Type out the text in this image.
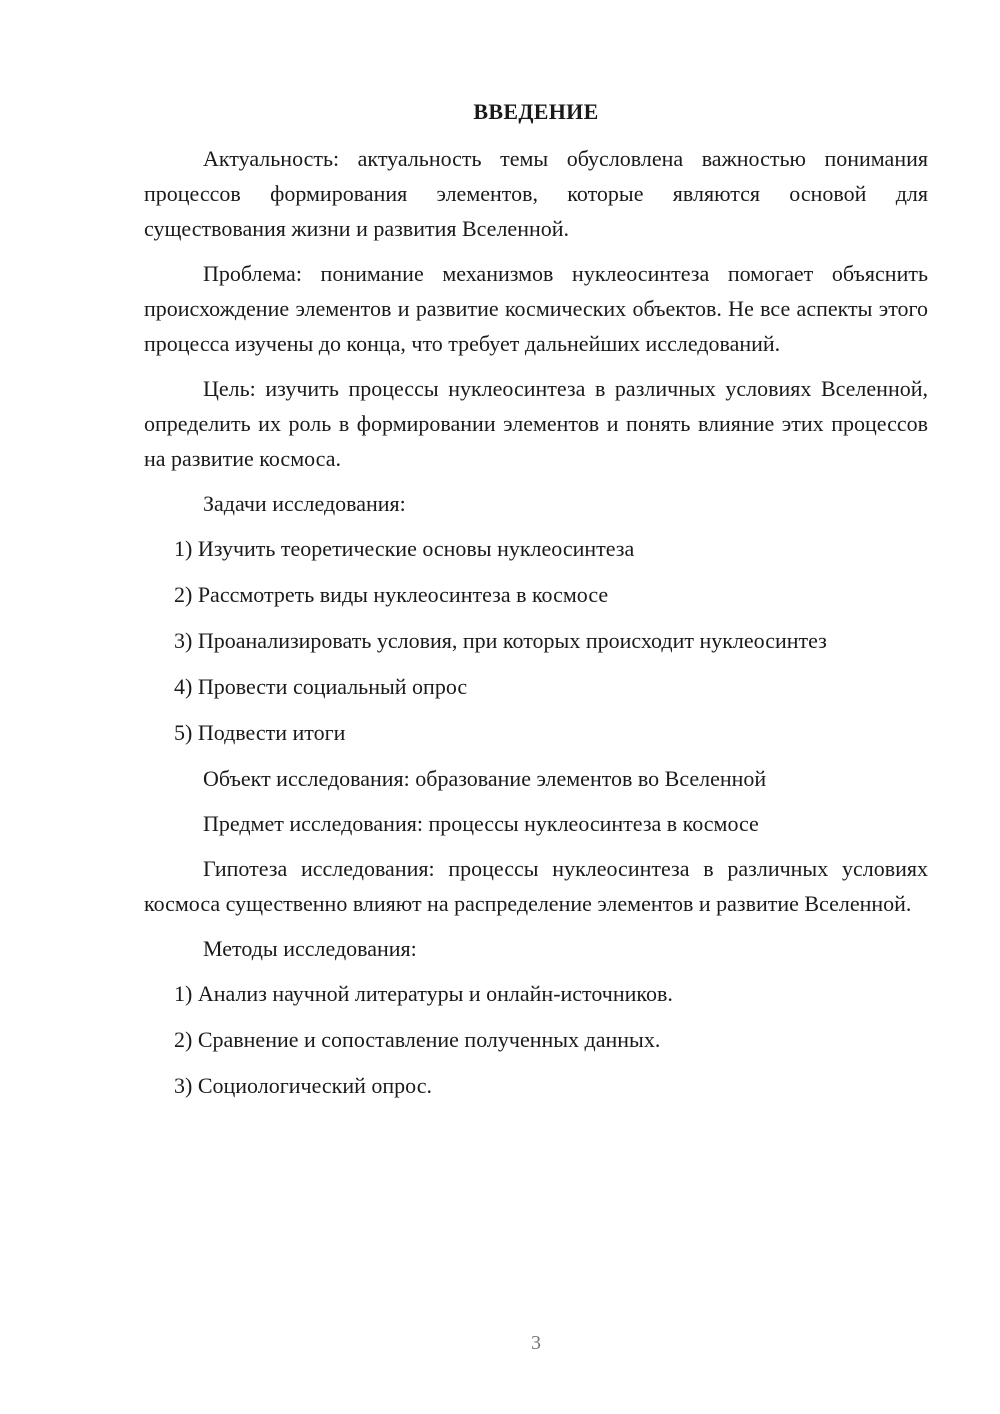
ВВЕДЕНИЕ

Актуальность: актуальность темы обусловлена важностью понимания процессов формирования элементов, которые являются основой для существования жизни и развития Вселенной.

Проблема: понимание механизмов нуклеосинтеза помогает объяснить происхождение элементов и развитие космических объектов. Не все аспекты этого процесса изучены до конца, что требует дальнейших исследований.

Цель: изучить процессы нуклеосинтеза в различных условиях Вселенной, определить их роль в формировании элементов и понять влияние этих процессов на развитие космоса.

Задачи исследования:
1) Изучить теоретические основы нуклеосинтеза
2) Рассмотреть виды нуклеосинтеза в космосе
3) Проанализировать условия, при которых происходит нуклеосинтез
4) Провести социальный опрос
5) Подвести итоги
Объект исследования: образование элементов во Вселенной
Предмет исследования: процессы нуклеосинтеза в космосе

Гипотеза исследования: процессы нуклеосинтеза в различных условиях космоса существенно влияют на распределение элементов и развитие Вселенной.

Методы исследования:
1) Анализ научной литературы и онлайн-источников.
2) Сравнение и сопоставление полученных данных.
3) Социологический опрос.
3
